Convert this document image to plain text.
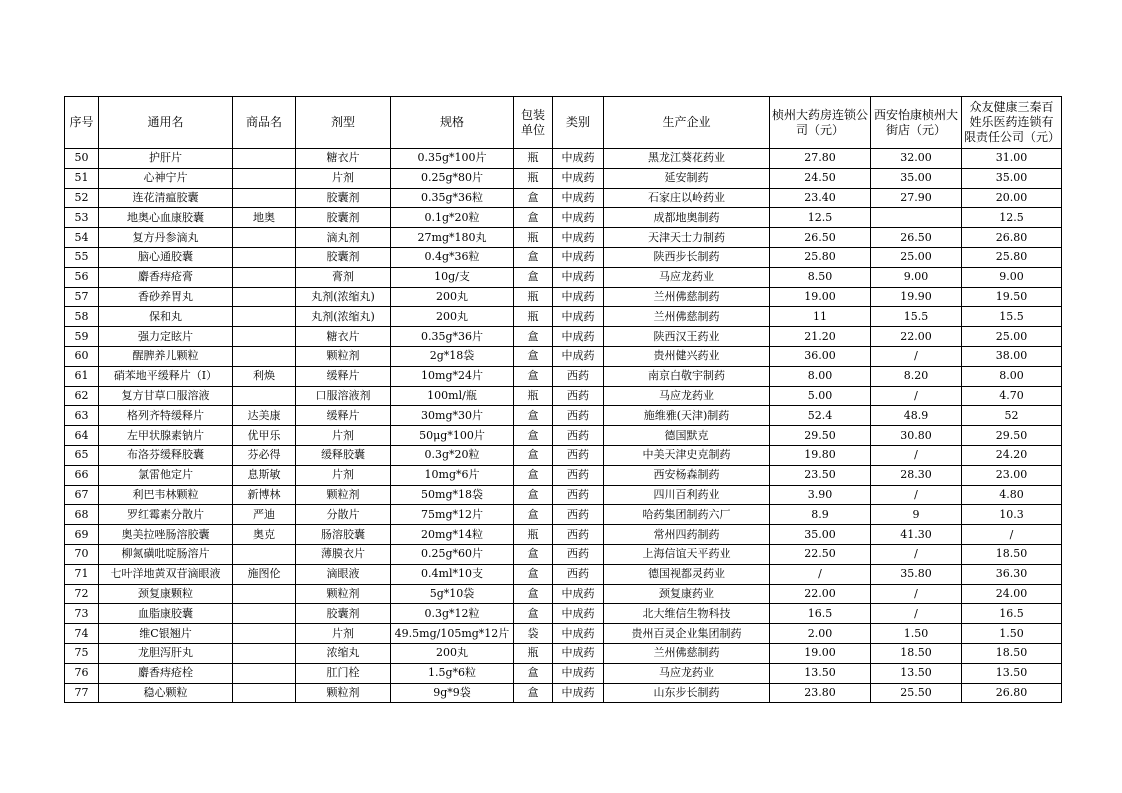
序号	通用名	商品名	剂型	规格	包装单位	类别	生产企业	桢州大药房连锁公司（元）	西安怡康桢州大街店（元）	众友健康三秦百姓乐医药连锁有限责任公司（元）
50	护肝片		糖衣片	0.35g*100片	瓶	中成药	黑龙江葵花药业	27.80	32.00	31.00
51	心神宁片		片剂	0.25g*80片	瓶	中成药	延安制药	24.50	35.00	35.00
52	连花清瘟胶囊		胶囊剂	0.35g*36粒	盒	中成药	石家庄以岭药业	23.40	27.90	20.00
53	地奥心血康胶囊	地奥	胶囊剂	0.1g*20粒	盒	中成药	成都地奥制药	12.5		12.5
54	复方丹参滴丸		滴丸剂	27mg*180丸	瓶	中成药	天津天士力制药	26.50	26.50	26.80
55	脑心通胶囊		胶囊剂	0.4g*36粒	盒	中成药	陕西步长制药	25.80	25.00	25.80
56	麝香痔疮膏		膏剂	10g/支	盒	中成药	马应龙药业	8.50	9.00	9.00
57	香砂养胃丸		丸剂(浓缩丸)	200丸	瓶	中成药	兰州佛慈制药	19.00	19.90	19.50
58	保和丸		丸剂(浓缩丸)	200丸	瓶	中成药	兰州佛慈制药	11	15.5	15.5
59	强力定眩片		糖衣片	0.35g*36片	盒	中成药	陕西汉王药业	21.20	22.00	25.00
60	醒脾养儿颗粒		颗粒剂	2g*18袋	盒	中成药	贵州健兴药业	36.00	/	38.00
61	硝苯地平缓释片（Ⅰ）	利焕	缓释片	10mg*24片	盒	西药	南京白敬宇制药	8.00	8.20	8.00
62	复方甘草口服溶液		口服溶液剂	100ml/瓶	瓶	西药	马应龙药业	5.00	/	4.70
63	格列齐特缓释片	达美康	缓释片	30mg*30片	盒	西药	施维雅(天津)制药	52.4	48.9	52
64	左甲状腺素钠片	优甲乐	片剂	50μg*100片	盒	西药	德国默克	29.50	30.80	29.50
65	布洛芬缓释胶囊	芬必得	缓释胶囊	0.3g*20粒	盒	西药	中美天津史克制药	19.80	/	24.20
66	氯雷他定片	息斯敏	片剂	10mg*6片	盒	西药	西安杨森制药	23.50	28.30	23.00
67	利巴韦林颗粒	新博林	颗粒剂	50mg*18袋	盒	西药	四川百利药业	3.90	/	4.80
68	罗红霉素分散片	严迪	分散片	75mg*12片	盒	西药	哈药集团制药六厂	8.9	9	10.3
69	奥美拉唑肠溶胶囊	奥克	肠溶胶囊	20mg*14粒	瓶	西药	常州四药制药	35.00	41.30	/
70	柳氮磺吡啶肠溶片		薄膜衣片	0.25g*60片	盒	西药	上海信谊天平药业	22.50	/	18.50
71	七叶洋地黄双苷滴眼液	施图伦	滴眼液	0.4ml*10支	盒	西药	德国视都灵药业	/	35.80	36.30
72	颈复康颗粒		颗粒剂	5g*10袋	盒	中成药	颈复康药业	22.00	/	24.00
73	血脂康胶囊		胶囊剂	0.3g*12粒	盒	中成药	北大维信生物科技	16.5	/	16.5
74	维C银翘片		片剂	49.5mg/105mg*12片	袋	中成药	贵州百灵企业集团制药	2.00	1.50	1.50
75	龙胆泻肝丸		浓缩丸	200丸	瓶	中成药	兰州佛慈制药	19.00	18.50	18.50
76	麝香痔疮栓		肛门栓	1.5g*6粒	盒	中成药	马应龙药业	13.50	13.50	13.50
77	稳心颗粒		颗粒剂	9g*9袋	盒	中成药	山东步长制药	23.80	25.50	26.80
